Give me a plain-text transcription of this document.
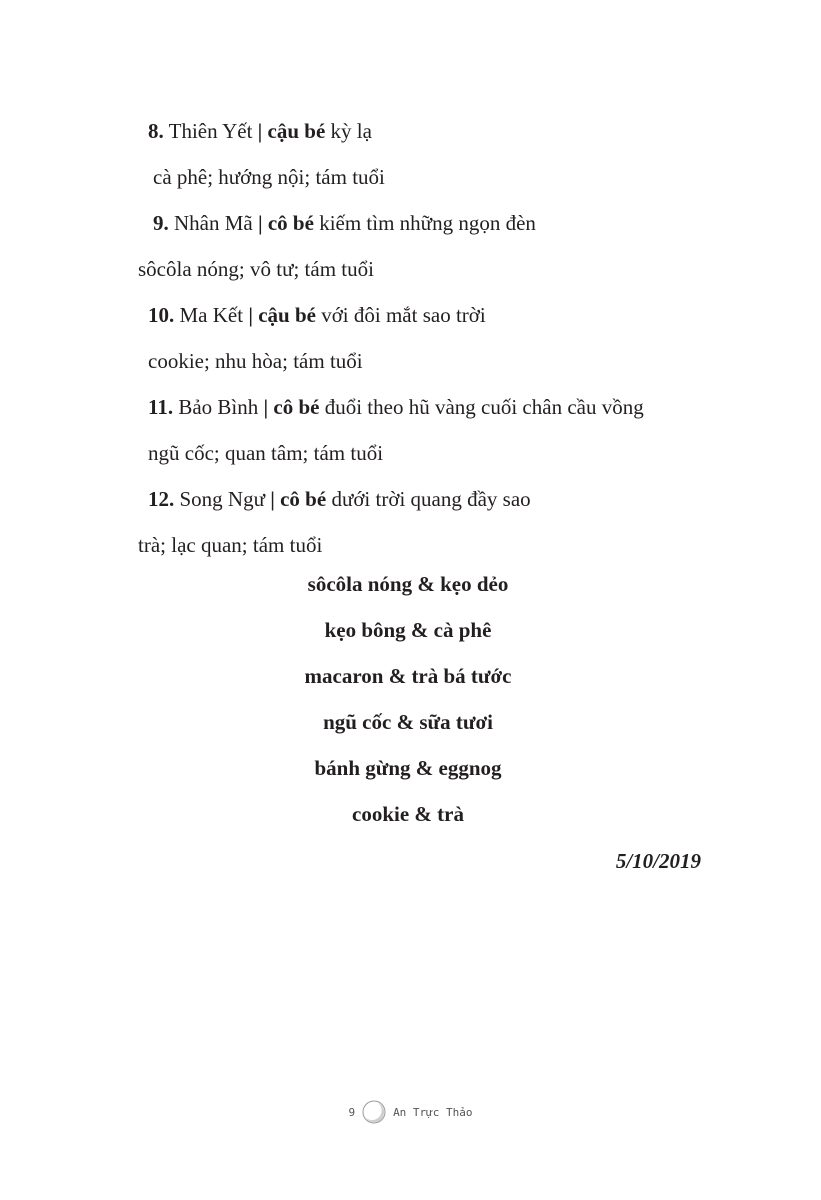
8. Thiên Yết | cậu bé kỳ lạ
cà phê; hướng nội; tám tuổi
9. Nhân Mã | cô bé kiếm tìm những ngọn đèn
sôcôla nóng; vô tư; tám tuổi
10. Ma Kết | cậu bé với đôi mắt sao trời
cookie; nhu hòa; tám tuổi
11. Bảo Bình | cô bé đuổi theo hũ vàng cuối chân cầu vồng
ngũ cốc; quan tâm; tám tuổi
12. Song Ngư | cô bé dưới trời quang đầy sao
trà; lạc quan; tám tuổi
sôcôla nóng & kẹo dẻo
kẹo bông & cà phê
macaron & trà bá tước
ngũ cốc & sữa tươi
bánh gừng & eggnog
cookie & trà
5/10/2019
9	An Trực Thảo
